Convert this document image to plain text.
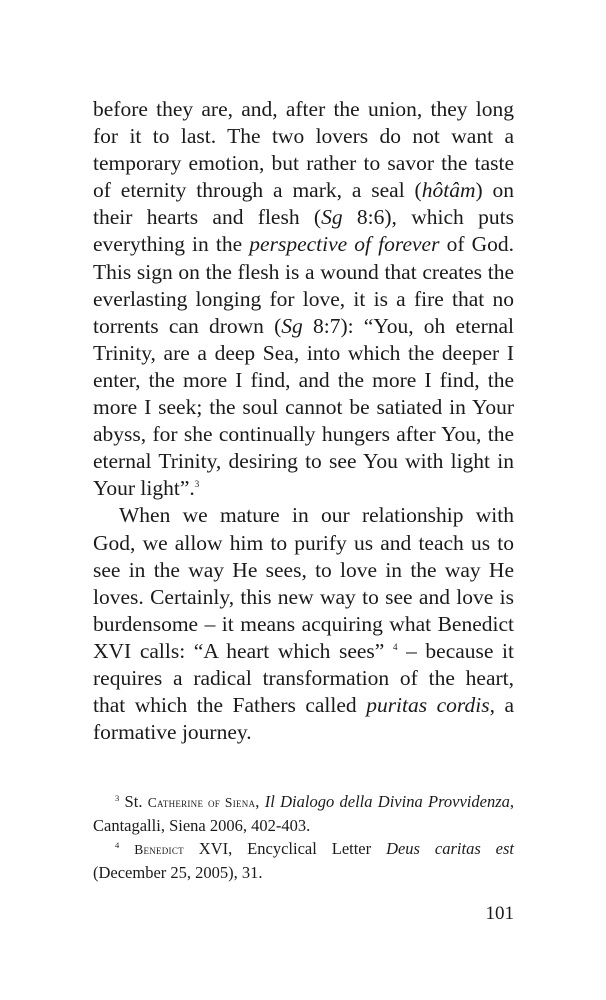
before they are, and, after the union, they long for it to last. The two lovers do not want a temporary emotion, but rather to savor the taste of eternity through a mark, a seal (hôtâm) on their hearts and flesh (Sg 8:6), which puts everything in the perspective of forever of God. This sign on the flesh is a wound that creates the everlasting longing for love, it is a fire that no torrents can drown (Sg 8:7): “You, oh eternal Trinity, are a deep Sea, into which the deeper I enter, the more I find, and the more I find, the more I seek; the soul cannot be satiated in Your abyss, for she continually hungers after You, the eternal Trinity, desiring to see You with light in Your light”.$^3$

When we mature in our relationship with God, we allow him to purify us and teach us to see in the way He sees, to love in the way He loves. Certainly, this new way to see and love is burdensome – it means acquiring what Benedict XVI calls: “A heart which sees” $^4$ – because it requires a radical transformation of the heart, that which the Fathers called puritas cordis, a formative journey.

$^3$ St. Catherine of Siena, Il Dialogo della Divina Provvidenza, Cantagalli, Siena 2006, 402-403.

$^4$ Benedict XVI, Encyclical Letter Deus caritas est (December 25, 2005), 31.

101
